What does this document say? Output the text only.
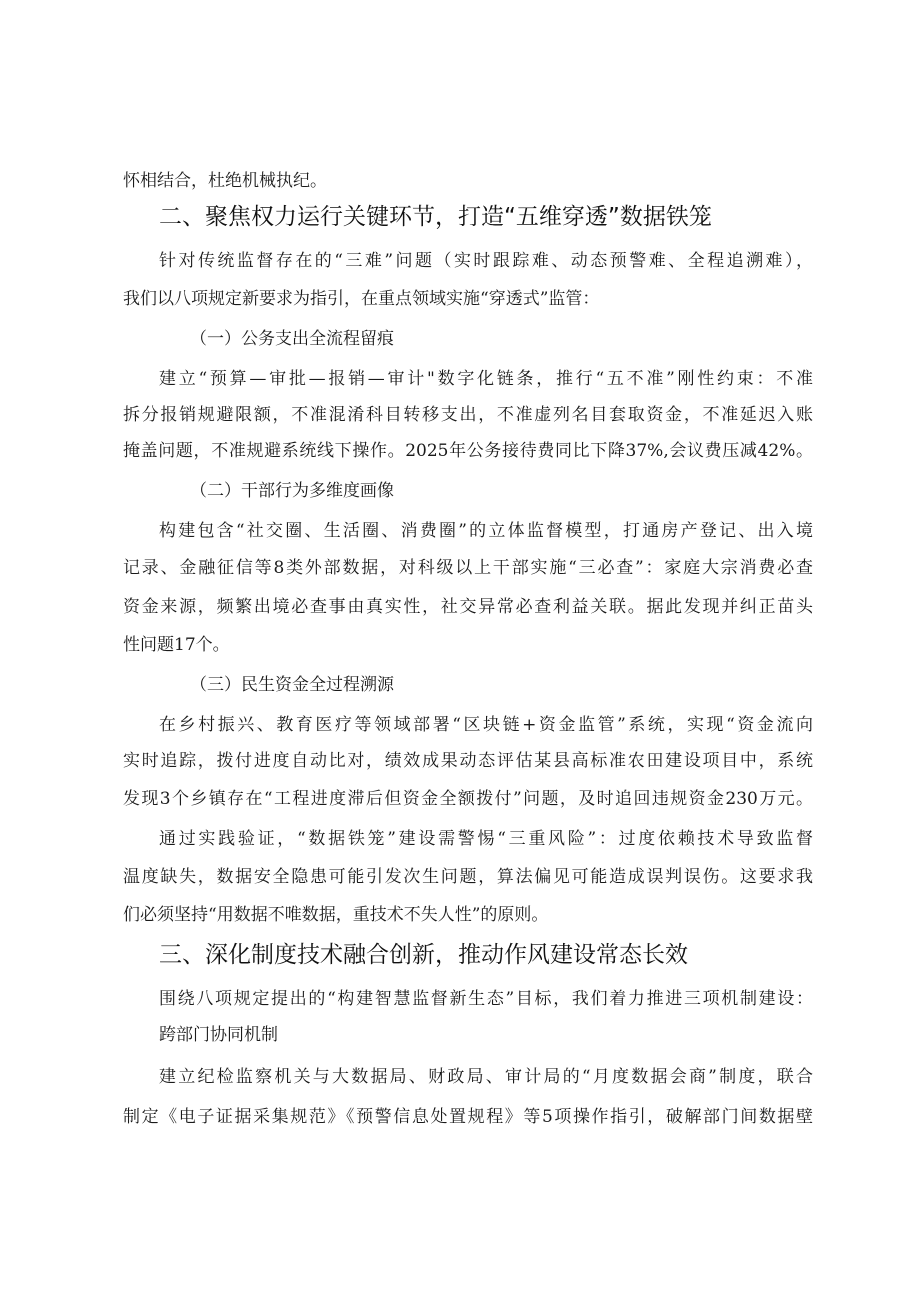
怀相结合，杜绝机械执纪。
二、聚焦权力运行关键环节，打造“五维穿透”数据铁笼
针对传统监督存在的“三难”问题（实时跟踪难、动态预警难、全程追溯难），
我们以八项规定新要求为指引，在重点领域实施“穿透式”监管：
（一）公务支出全流程留痕
建立“预算—审批—报销—审计"数字化链条，推行“五不准”刚性约束：不准
拆分报销规避限额，不准混淆科目转移支出，不准虚列名目套取资金，不准延迟入账
掩盖问题，不准规避系统线下操作。2025年公务接待费同比下降37%,会议费压减42%。
（二）干部行为多维度画像
构建包含“社交圈、生活圈、消费圈”的立体监督模型，打通房产登记、出入境
记录、金融征信等8类外部数据，对科级以上干部实施“三必查”：家庭大宗消费必查
资金来源，频繁出境必查事由真实性，社交异常必查利益关联。据此发现并纠正苗头
性问题17个。
（三）民生资金全过程溯源
在乡村振兴、教育医疗等领域部署“区块链+资金监管”系统，实现“资金流向
实时追踪，拨付进度自动比对，绩效成果动态评估某县高标准农田建设项目中，系统
发现3个乡镇存在“工程进度滞后但资金全额拨付”问题，及时追回违规资金230万元。
通过实践验证，“数据铁笼”建设需警惕“三重风险”：过度依赖技术导致监督
温度缺失，数据安全隐患可能引发次生问题，算法偏见可能造成误判误伤。这要求我
们必须坚持“用数据不唯数据，重技术不失人性”的原则。
三、深化制度技术融合创新，推动作风建设常态长效
围绕八项规定提出的“构建智慧监督新生态”目标，我们着力推进三项机制建设：
跨部门协同机制
建立纪检监察机关与大数据局、财政局、审计局的“月度数据会商”制度，联合
制定《电子证据采集规范》《预警信息处置规程》等5项操作指引，破解部门间数据壁
